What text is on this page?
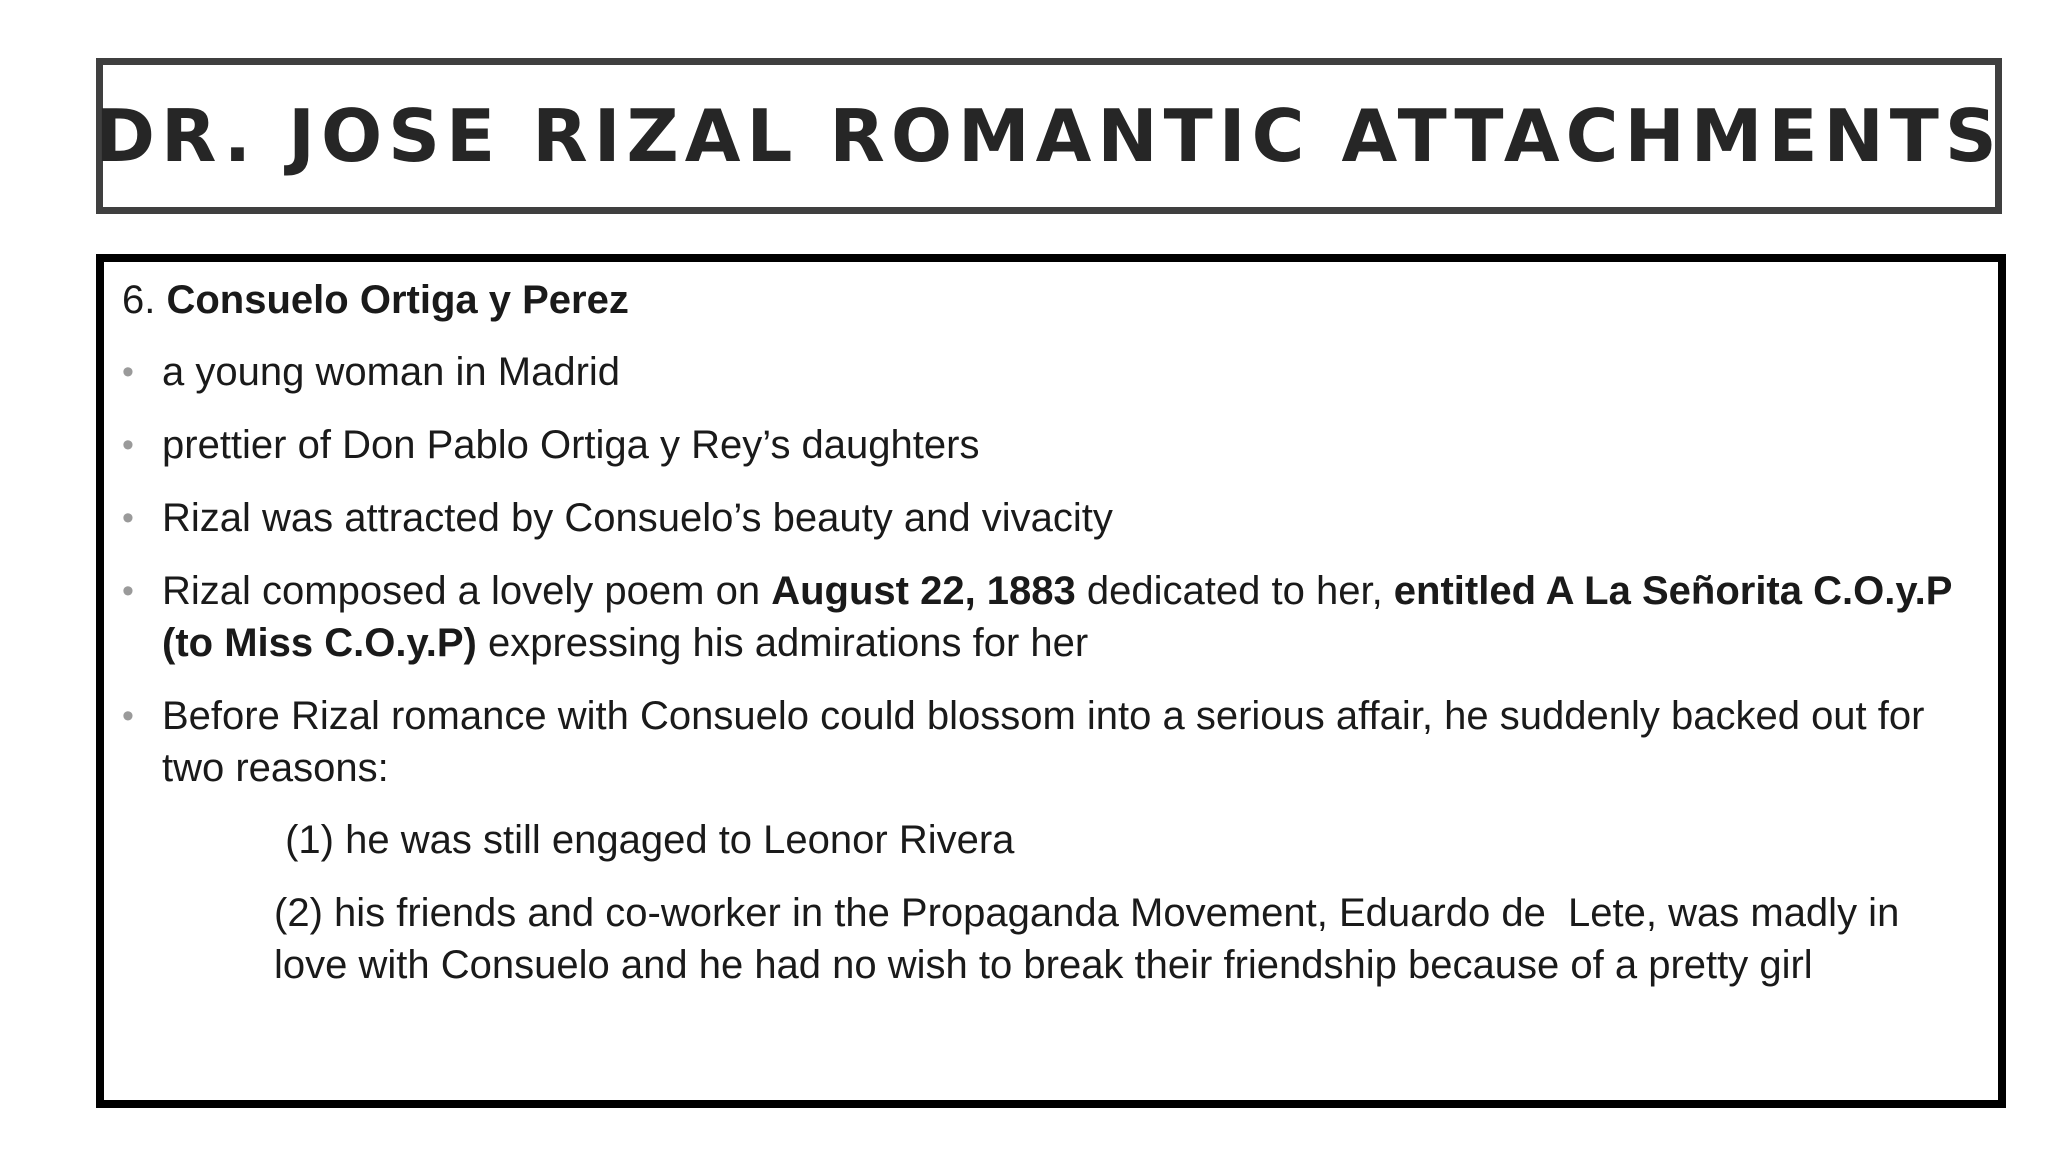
DR. JOSE RIZAL ROMANTIC ATTACHMENTS
6. Consuelo Ortiga y Perez
• a young woman in Madrid
• prettier of Don Pablo Ortiga y Rey’s daughters
• Rizal was attracted by Consuelo’s beauty and vivacity
• Rizal composed a lovely poem on August 22, 1883 dedicated to her, entitled A La Señorita C.O.y.P (to Miss C.O.y.P) expressing his admirations for her
• Before Rizal romance with Consuelo could blossom into a serious affair, he suddenly backed out for two reasons:
(1) he was still engaged to Leonor Rivera
(2) his friends and co-worker in the Propaganda Movement, Eduardo de  Lete, was madly in love with Consuelo and he had no wish to break their friendship because of a pretty girl
